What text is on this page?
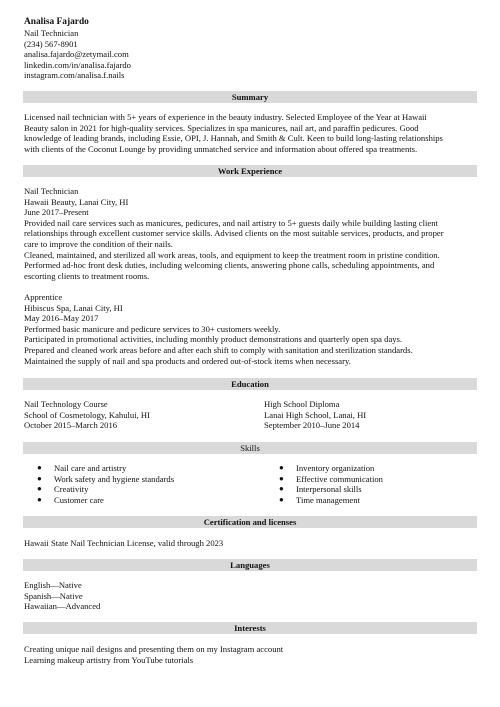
Analisa Fajardo
Nail Technician
(234) 567-8901
analisa.fajardo@zetymail.com
linkedin.com/in/analisa.fajardo
instagram.com/analisa.f.nails
Summary
Licensed nail technician with 5+ years of experience in the beauty industry. Selected Employee of the Year at Hawaii
Beauty salon in 2021 for high-quality services. Specializes in spa manicures, nail art, and paraffin pedicures. Good
knowledge of leading brands, including Essie, OPI, J. Hannah, and Smith & Cult. Keen to build long-lasting relationships
with clients of the Coconut Lounge by providing unmatched service and information about offered spa treatments.
Work Experience
Nail Technician
Hawaii Beauty, Lanai City, HI
June 2017–Present
Provided nail care services such as manicures, pedicures, and nail artistry to 5+ guests daily while building lasting client
relationships through excellent customer service skills. Advised clients on the most suitable services, products, and proper
care to improve the condition of their nails.
Cleaned, maintained, and sterilized all work areas, tools, and equipment to keep the treatment room in pristine condition.
Performed ad-hoc front desk duties, including welcoming clients, answering phone calls, scheduling appointments, and
escorting clients to treatment rooms.
Apprentice
Hibiscus Spa, Lanai City, HI
May 2016–May 2017
Performed basic manicure and pedicure services to 30+ customers weekly.
Participated in promotional activities, including monthly product demonstrations and quarterly open spa days.
Prepared and cleaned work areas before and after each shift to comply with sanitation and sterilization standards.
Maintained the supply of nail and spa products and ordered out-of-stock items when necessary.
Education
Nail Technology Course
School of Cosmetology, Kahului, HI
October 2015–March 2016
High School Diploma
Lanai High School, Lanai, HI
September 2010–June 2014
Skills
● Nail care and artistry
● Work safety and hygiene standards
● Creativity
● Customer care
● Inventory organization
● Effective communication
● Interpersonal skills
● Time management
Certification and licenses
Hawaii State Nail Technician License, valid through 2023
Languages
English—Native
Spanish—Native
Hawaiian—Advanced
Interests
Creating unique nail designs and presenting them on my Instagram account
Learning makeup artistry from YouTube tutorials
